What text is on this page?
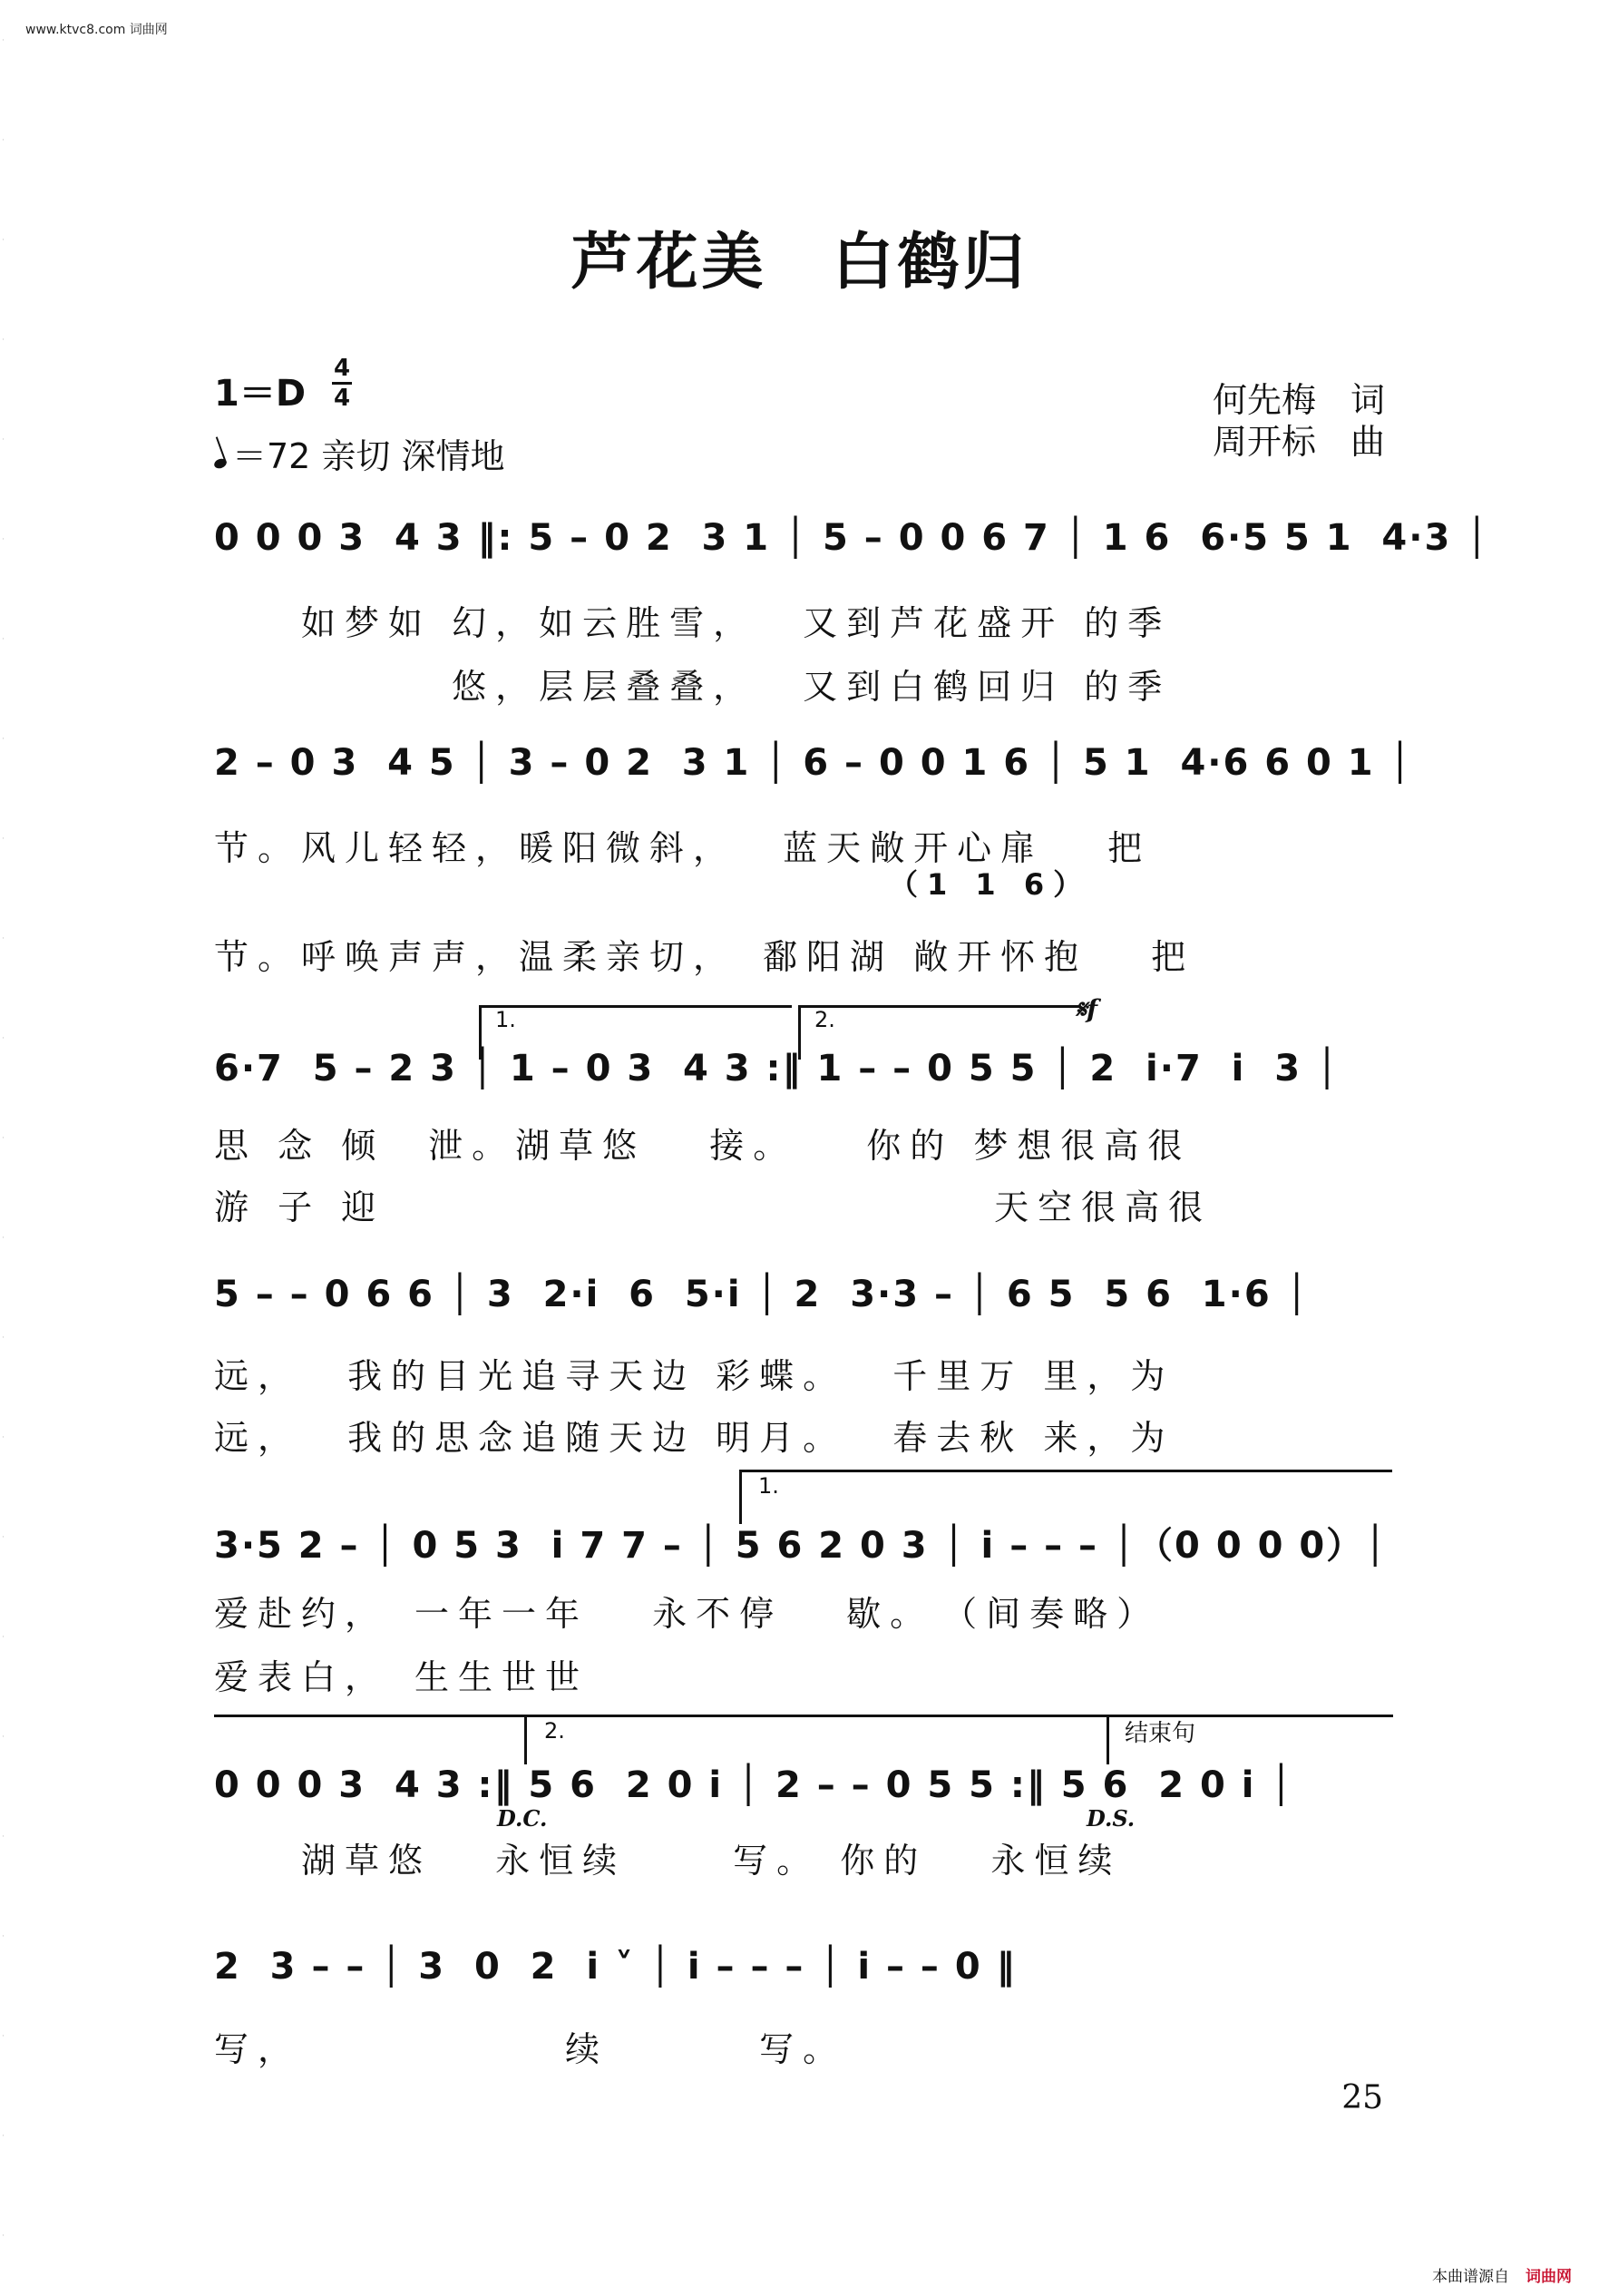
·
·
·
·
·
·
·
·
·
·
·
·
·
·
·
·
·
·
·
·
·
·
·
www.ktvc8.com 词曲网
芦花美　白鹤归
1＝D
4
4
＝72 亲切 深情地
何先梅　词
周开标　曲
0 0 0 3  4 3 ‖: 5 – 0 2  3 1 │ 5 – 0 0 6 7 │ 1 6  6·5 5 1  4·3 │
　　如梦如 幻，如云胜雪，　 又到芦花盛开 的季
　　　　　 悠，层层叠叠，　 又到白鹤回归 的季
2 – 0 3  4 5 │ 3 – 0 2  3 1 │ 6 – 0 0 1 6 │ 5 1  4·6 6 0 1 │
节。风儿轻轻，暖阳微斜，　 蓝天敞开心扉　 把
（1 1 6）
节。呼唤声声，温柔亲切，　鄱阳湖 敞开怀抱　 把
1.	2.	𝄋f
6·7  5 – 2 3 │ 1 – 0 3  4 3 :‖ 1 – – 0 5 5 │ 2  i·7  i  3 │
思 念 倾　泄。湖草悠　 接。　　你的 梦想很高很
游 子 迎　　　　　　　　　　　　　　天空很高很
5 – – 0 6 6 │ 3  2·i  6  5·i │ 2  3·3 – │ 6 5  5 6  1·6 │
远，　 我的目光追寻天边 彩蝶。　 千里万 里，为
远，　 我的思念追随天边 明月。　 春去秋 来，为
1.
3·5 2 – │ 0 5 3  i 7 7 – │ 5 6 2 0 3 │ i – – – │（0 0 0 0）│
爱赴约，　一年一年　 永不停　 歇。　（间奏略）
爱表白，　生生世世
2.	结束句
0 0 0 3  4 3 :‖ 5 6  2 0 i │ 2 – – 0 5 5 :‖ 5 6  2 0 i │
D.C.	D.S.
　　湖草悠　 永恒续　　 写。 你的　 永恒续
2  3 – – │ 3  0  2  i ˅ │ i – – – │ i – – 0 ‖
写，　　　　　　 续　　　 写。
25
本曲谱源自 词曲网
